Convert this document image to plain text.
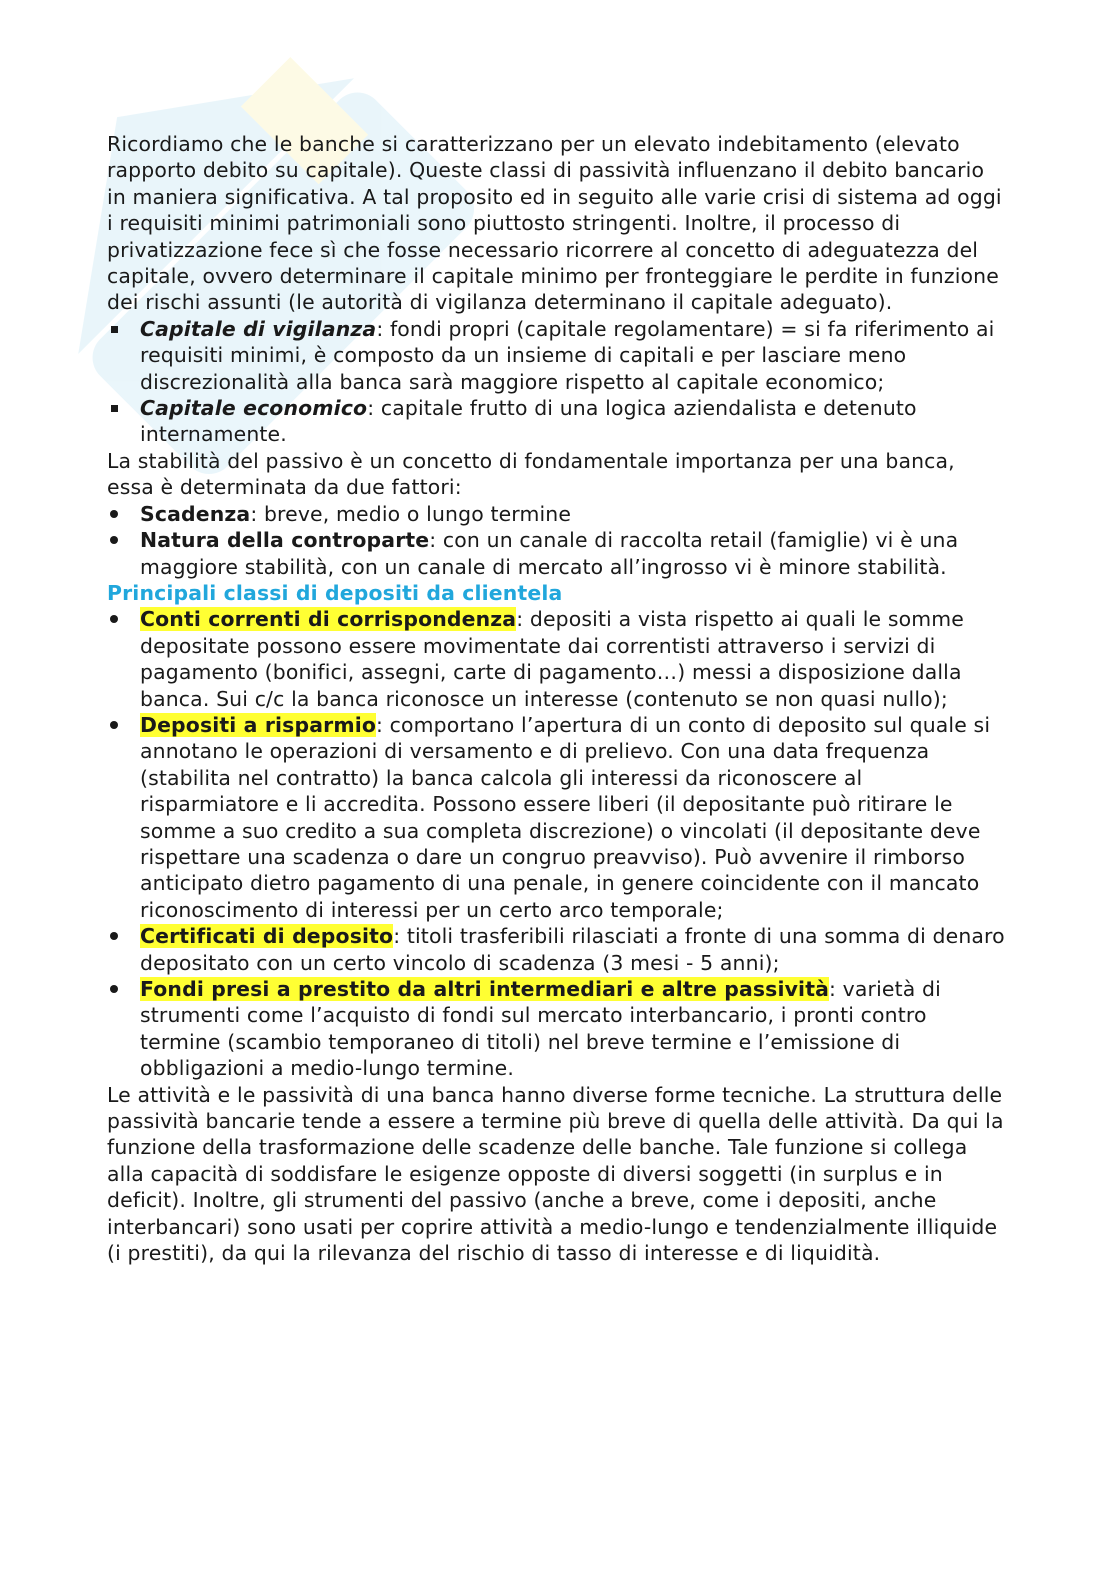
Ricordiamo che le banche si caratterizzano per un elevato indebitamento (elevato rapporto debito su capitale). Queste classi di passività influenzano il debito bancario in maniera significativa. A tal proposito ed in seguito alle varie crisi di sistema ad oggi i requisiti minimi patrimoniali sono piuttosto stringenti. Inoltre, il processo di privatizzazione fece sì che fosse necessario ricorrere al concetto di adeguatezza del capitale, ovvero determinare il capitale minimo per fronteggiare le perdite in funzione dei rischi assunti (le autorità di vigilanza determinano il capitale adeguato).

Capitale di vigilanza: fondi propri (capitale regolamentare) = si fa riferimento ai requisiti minimi, è composto da un insieme di capitali e per lasciare meno discrezionalità alla banca sarà maggiore rispetto al capitale economico;
Capitale economico: capitale frutto di una logica aziendalista e detenuto internamente.

La stabilità del passivo è un concetto di fondamentale importanza per una banca, essa è determinata da due fattori:

Scadenza: breve, medio o lungo termine
Natura della controparte: con un canale di raccolta retail (famiglie) vi è una maggiore stabilità, con un canale di mercato all’ingrosso vi è minore stabilità.

Principali classi di depositi da clientela

Conti correnti di corrispondenza: depositi a vista rispetto ai quali le somme depositate possono essere movimentate dai correntisti attraverso i servizi di pagamento (bonifici, assegni, carte di pagamento…) messi a disposizione dalla banca. Sui c/c la banca riconosce un interesse (contenuto se non quasi nullo);
Depositi a risparmio: comportano l’apertura di un conto di deposito sul quale si annotano le operazioni di versamento e di prelievo. Con una data frequenza (stabilita nel contratto) la banca calcola gli interessi da riconoscere al risparmiatore e li accredita. Possono essere liberi (il depositante può ritirare le somme a suo credito a sua completa discrezione) o vincolati (il depositante deve rispettare una scadenza o dare un congruo preavviso). Può avvenire il rimborso anticipato dietro pagamento di una penale, in genere coincidente con il mancato riconoscimento di interessi per un certo arco temporale;
Certificati di deposito: titoli trasferibili rilasciati a fronte di una somma di denaro depositato con un certo vincolo di scadenza (3 mesi - 5 anni);
Fondi presi a prestito da altri intermediari e altre passività: varietà di strumenti come l’acquisto di fondi sul mercato interbancario, i pronti contro termine (scambio temporaneo di titoli) nel breve termine e l’emissione di obbligazioni a medio-lungo termine.

Le attività e le passività di una banca hanno diverse forme tecniche. La struttura delle passività bancarie tende a essere a termine più breve di quella delle attività. Da qui la funzione della trasformazione delle scadenze delle banche. Tale funzione si collega alla capacità di soddisfare le esigenze opposte di diversi soggetti (in surplus e in deficit). Inoltre, gli strumenti del passivo (anche a breve, come i depositi, anche interbancari) sono usati per coprire attività a medio-lungo e tendenzialmente illiquide (i prestiti), da qui la rilevanza del rischio di tasso di interesse e di liquidità.
